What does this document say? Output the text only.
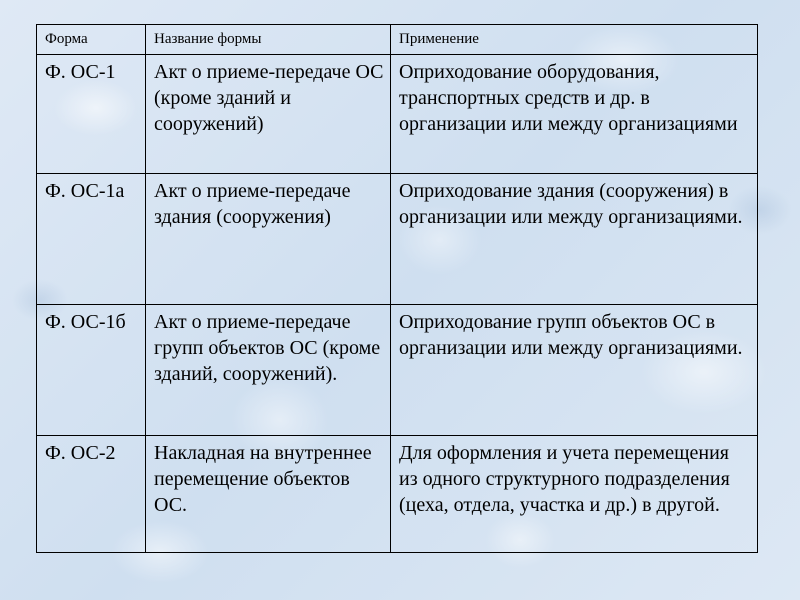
Форма	Название формы	Применение

Ф. ОС-1	Акт о приеме-передаче ОС (кроме зданий и сооружений)	Оприходование оборудования, транспортных средств и др. в организации или между организациями

Ф. ОС-1а	Акт о приеме-передаче здания (сооружения)	Оприходование здания (сооружения) в организации или между организациями.

Ф. ОС-1б	Акт о приеме-передаче групп объектов ОС (кроме зданий, сооружений).	Оприходование групп объектов ОС в организации или между организациями.

Ф. ОС-2	Накладная на внутреннее перемещение объектов ОС.	Для оформления и учета перемещения из одного структурного подразделения (цеха, отдела, участка и др.) в другой.
